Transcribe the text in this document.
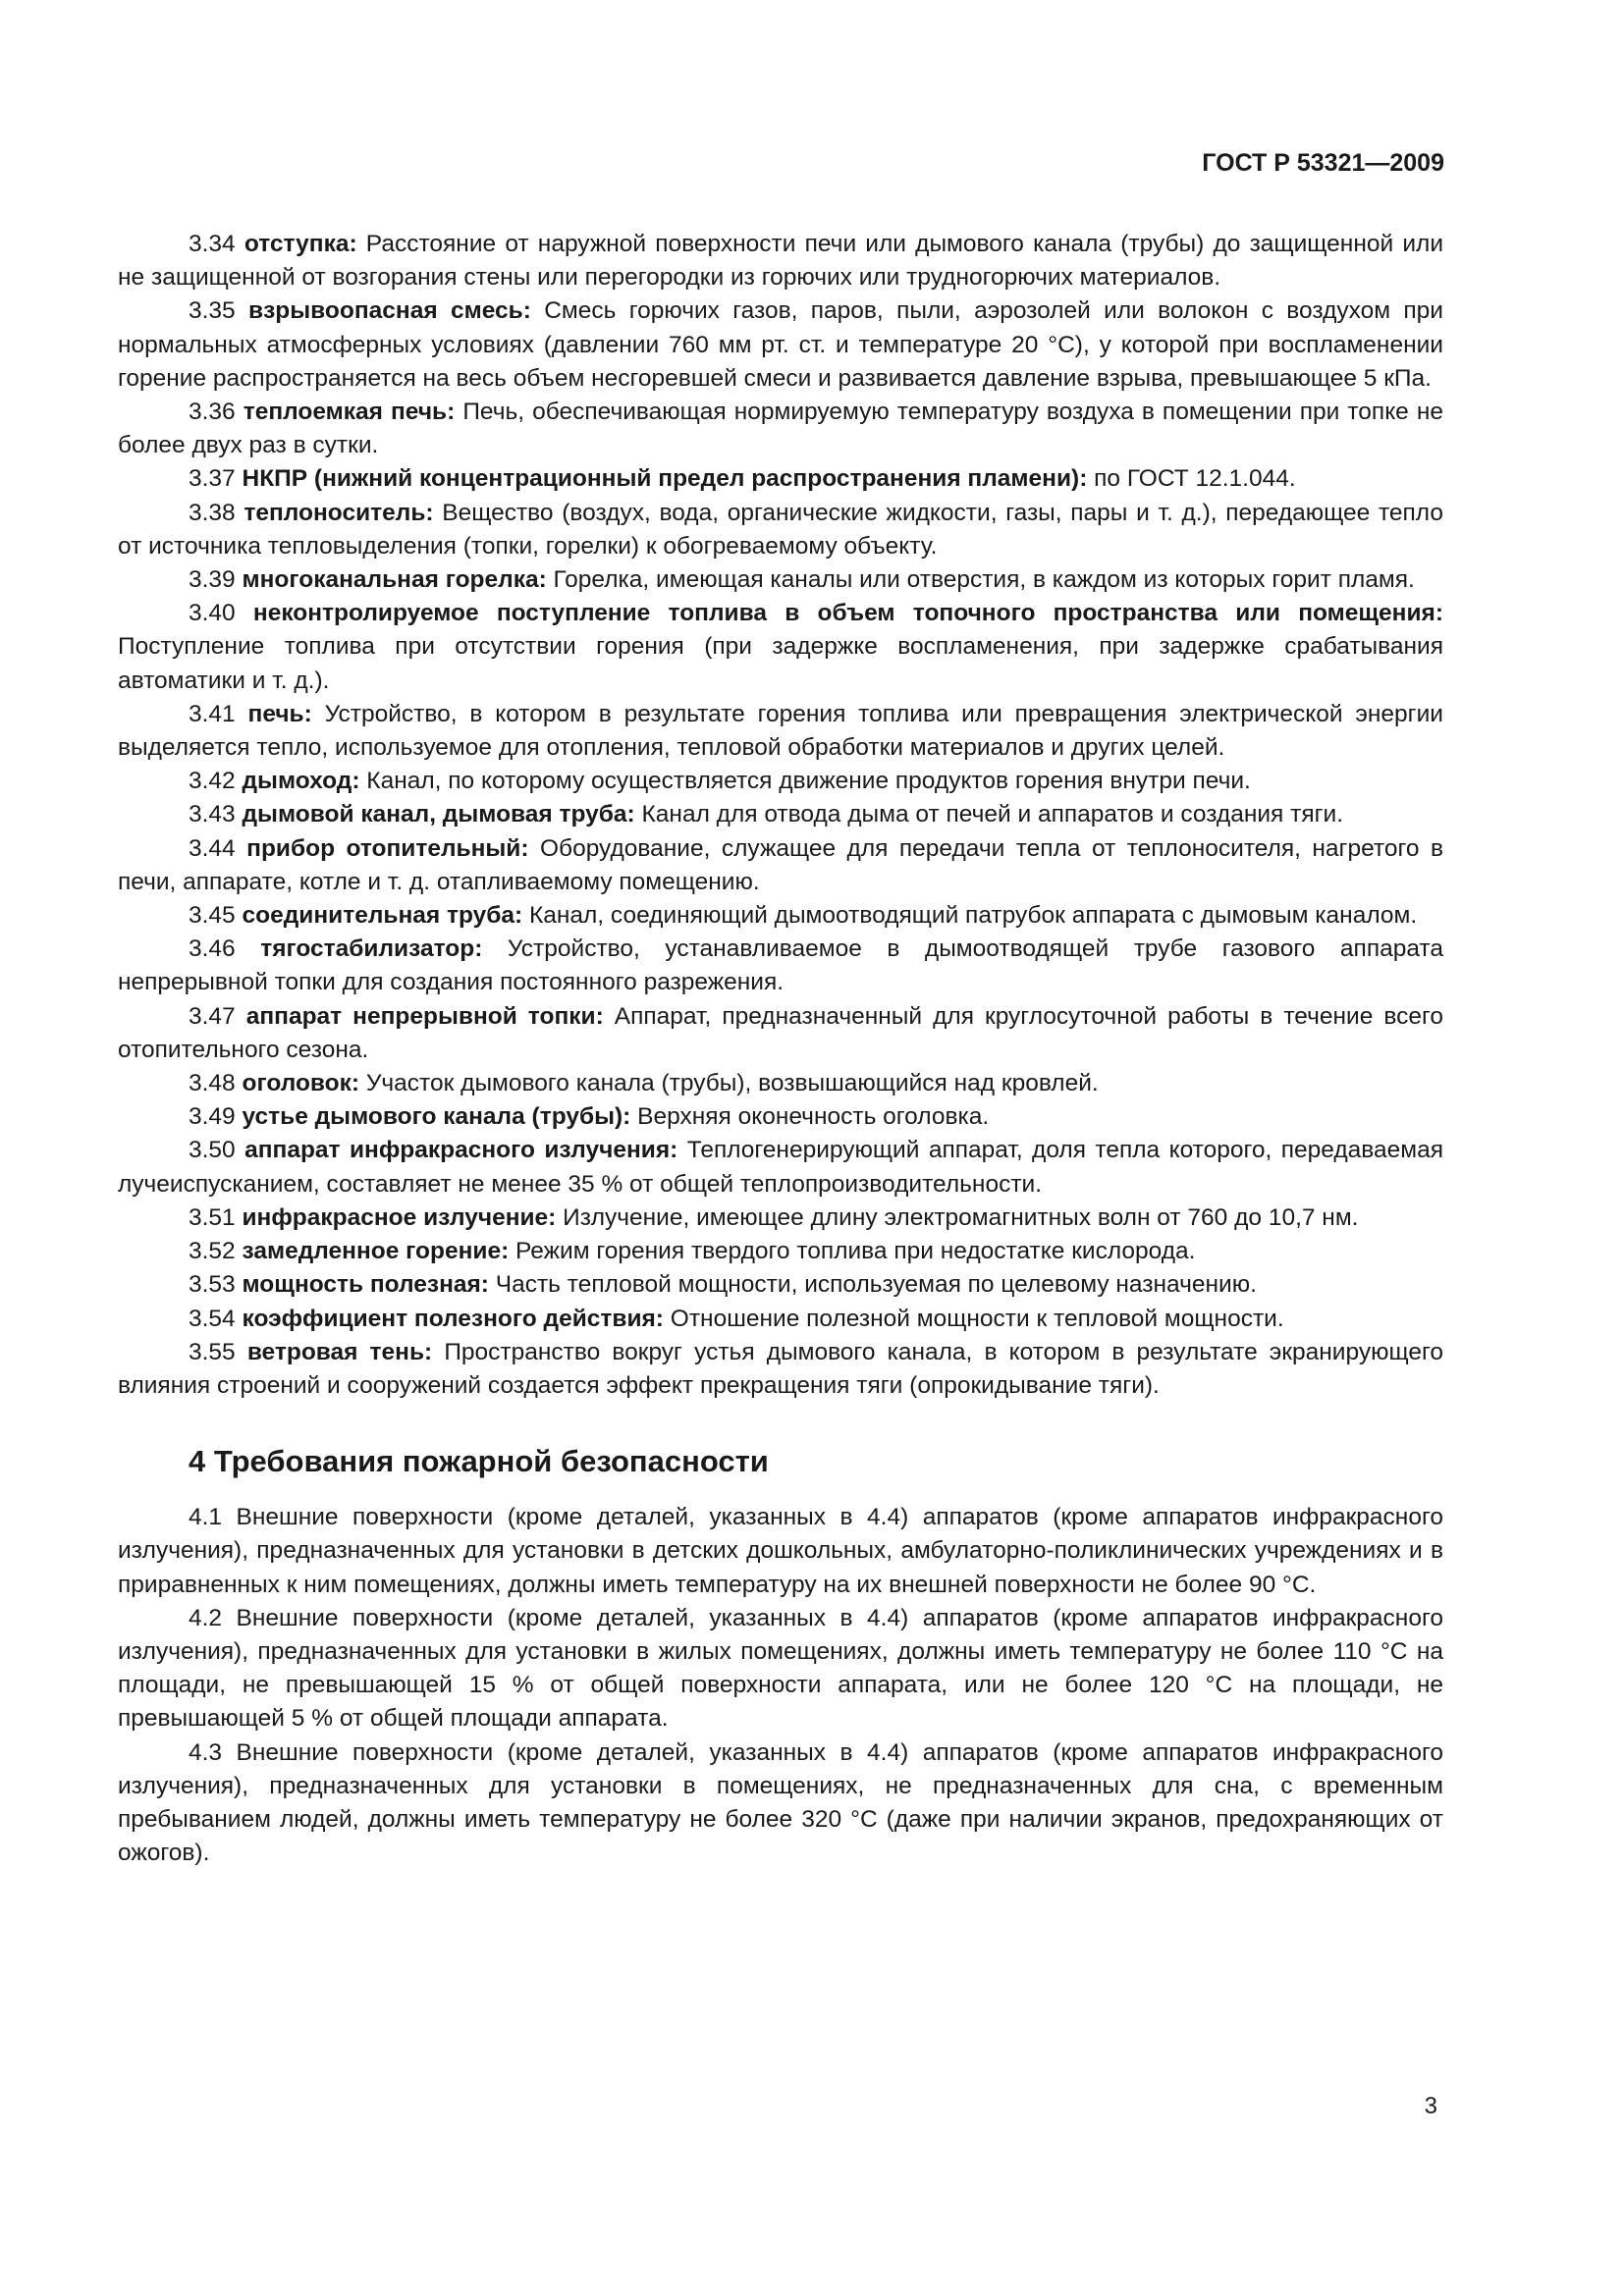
ГОСТ Р 53321—2009

3.34 отступка: Расстояние от наружной поверхности печи или дымового канала (трубы) до защищенной или не защищенной от возгорания стены или перегородки из горючих или трудногорючих материалов.

3.35 взрывоопасная смесь: Смесь горючих газов, паров, пыли, аэрозолей или волокон с воздухом при нормальных атмосферных условиях (давлении 760 мм рт. ст. и температуре 20 °С), у которой при воспламенении горение распространяется на весь объем несгоревшей смеси и развивается давление взрыва, превышающее 5 кПа.

3.36 теплоемкая печь: Печь, обеспечивающая нормируемую температуру воздуха в помещении при топке не более двух раз в сутки.

3.37 НКПР (нижний концентрационный предел распространения пламени): по ГОСТ 12.1.044.

3.38 теплоноситель: Вещество (воздух, вода, органические жидкости, газы, пары и т. д.), передающее тепло от источника тепловыделения (топки, горелки) к обогреваемому объекту.

3.39 многоканальная горелка: Горелка, имеющая каналы или отверстия, в каждом из которых горит пламя.

3.40 неконтролируемое поступление топлива в объем топочного пространства или помещения: Поступление топлива при отсутствии горения (при задержке воспламенения, при задержке срабатывания автоматики и т. д.).

3.41 печь: Устройство, в котором в результате горения топлива или превращения электрической энергии выделяется тепло, используемое для отопления, тепловой обработки материалов и других целей.

3.42 дымоход: Канал, по которому осуществляется движение продуктов горения внутри печи.

3.43 дымовой канал, дымовая труба: Канал для отвода дыма от печей и аппаратов и создания тяги.

3.44 прибор отопительный: Оборудование, служащее для передачи тепла от теплоносителя, нагретого в печи, аппарате, котле и т. д. отапливаемому помещению.

3.45 соединительная труба: Канал, соединяющий дымоотводящий патрубок аппарата с дымовым каналом.

3.46 тягостабилизатор: Устройство, устанавливаемое в дымоотводящей трубе газового аппарата непрерывной топки для создания постоянного разрежения.

3.47 аппарат непрерывной топки: Аппарат, предназначенный для круглосуточной работы в течение всего отопительного сезона.

3.48 оголовок: Участок дымового канала (трубы), возвышающийся над кровлей.

3.49 устье дымового канала (трубы): Верхняя оконечность оголовка.

3.50 аппарат инфракрасного излучения: Теплогенерирующий аппарат, доля тепла которого, передаваемая лучеиспусканием, составляет не менее 35 % от общей теплопроизводительности.

3.51 инфракрасное излучение: Излучение, имеющее длину электромагнитных волн от 760 до 10,7 нм.

3.52 замедленное горение: Режим горения твердого топлива при недостатке кислорода.

3.53 мощность полезная: Часть тепловой мощности, используемая по целевому назначению.

3.54 коэффициент полезного действия: Отношение полезной мощности к тепловой мощности.

3.55 ветровая тень: Пространство вокруг устья дымового канала, в котором в результате экранирующего влияния строений и сооружений создается эффект прекращения тяги (опрокидывание тяги).

4 Требования пожарной безопасности

4.1 Внешние поверхности (кроме деталей, указанных в 4.4) аппаратов (кроме аппаратов инфракрасного излучения), предназначенных для установки в детских дошкольных, амбулаторно-поликлинических учреждениях и в приравненных к ним помещениях, должны иметь температуру на их внешней поверхности не более 90 °С.

4.2 Внешние поверхности (кроме деталей, указанных в 4.4) аппаратов (кроме аппаратов инфракрасного излучения), предназначенных для установки в жилых помещениях, должны иметь температуру не более 110 °С на площади, не превышающей 15 % от общей поверхности аппарата, или не более 120 °С на площади, не превышающей 5 % от общей площади аппарата.

4.3 Внешние поверхности (кроме деталей, указанных в 4.4) аппаратов (кроме аппаратов инфракрасного излучения), предназначенных для установки в помещениях, не предназначенных для сна, с временным пребыванием людей, должны иметь температуру не более 320 °С (даже при наличии экранов, предохраняющих от ожогов).

3
